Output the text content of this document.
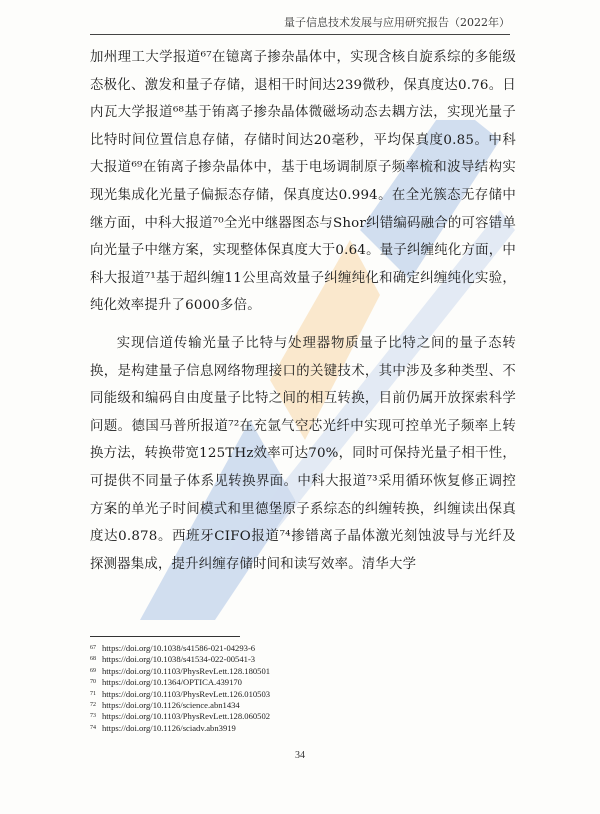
量子信息技术发展与应用研究报告（2022年）

加州理工大学报道⁶⁷在镱离子掺杂晶体中，实现含核自旋系综的多能级态极化、激发和量子存储，退相干时间达239微秒，保真度达0.76。日内瓦大学报道⁶⁸基于铕离子掺杂晶体微磁场动态去耦方法，实现光量子比特时间位置信息存储，存储时间达20毫秒，平均保真度0.85。中科大报道⁶⁹在铕离子掺杂晶体中，基于电场调制原子频率梳和波导结构实现光集成化光量子偏振态存储，保真度达0.994。在全光簇态无存储中继方面，中科大报道⁷⁰全光中继器图态与Shor纠错编码融合的可容错单向光量子中继方案，实现整体保真度大于0.64。量子纠缠纯化方面，中科大报道⁷¹基于超纠缠11公里高效量子纠缠纯化和确定纠缠纯化实验，纯化效率提升了6000多倍。

实现信道传输光量子比特与处理器物质量子比特之间的量子态转换，是构建量子信息网络物理接口的关键技术，其中涉及多种类型、不同能级和编码自由度量子比特之间的相互转换，目前仍属开放探索科学问题。德国马普所报道⁷²在充氩气空芯光纤中实现可控单光子频率上转换方法，转换带宽125THz效率可达70%，同时可保持光量子相干性，可提供不同量子体系见转换界面。中科大报道⁷³采用循环恢复修正调控方案的单光子时间模式和里德堡原子系综态的纠缠转换，纠缠读出保真度达0.878。西班牙CIFO报道⁷⁴掺镨离子晶体激光刻蚀波导与光纤及探测器集成，提升纠缠存储时间和读写效率。清华大学

$^{67}$ https://doi.org/10.1038/s41586-021-04293-6
$^{68}$ https://doi.org/10.1038/s41534-022-00541-3
$^{69}$ https://doi.org/10.1103/PhysRevLett.128.180501
$^{70}$ https://doi.org/10.1364/OPTICA.439170
$^{71}$ https://doi.org/10.1103/PhysRevLett.126.010503
$^{72}$ https://doi.org/10.1126/science.abn1434
$^{73}$ https://doi.org/10.1103/PhysRevLett.128.060502
$^{74}$ https://doi.org/10.1126/sciadv.abn3919
34
